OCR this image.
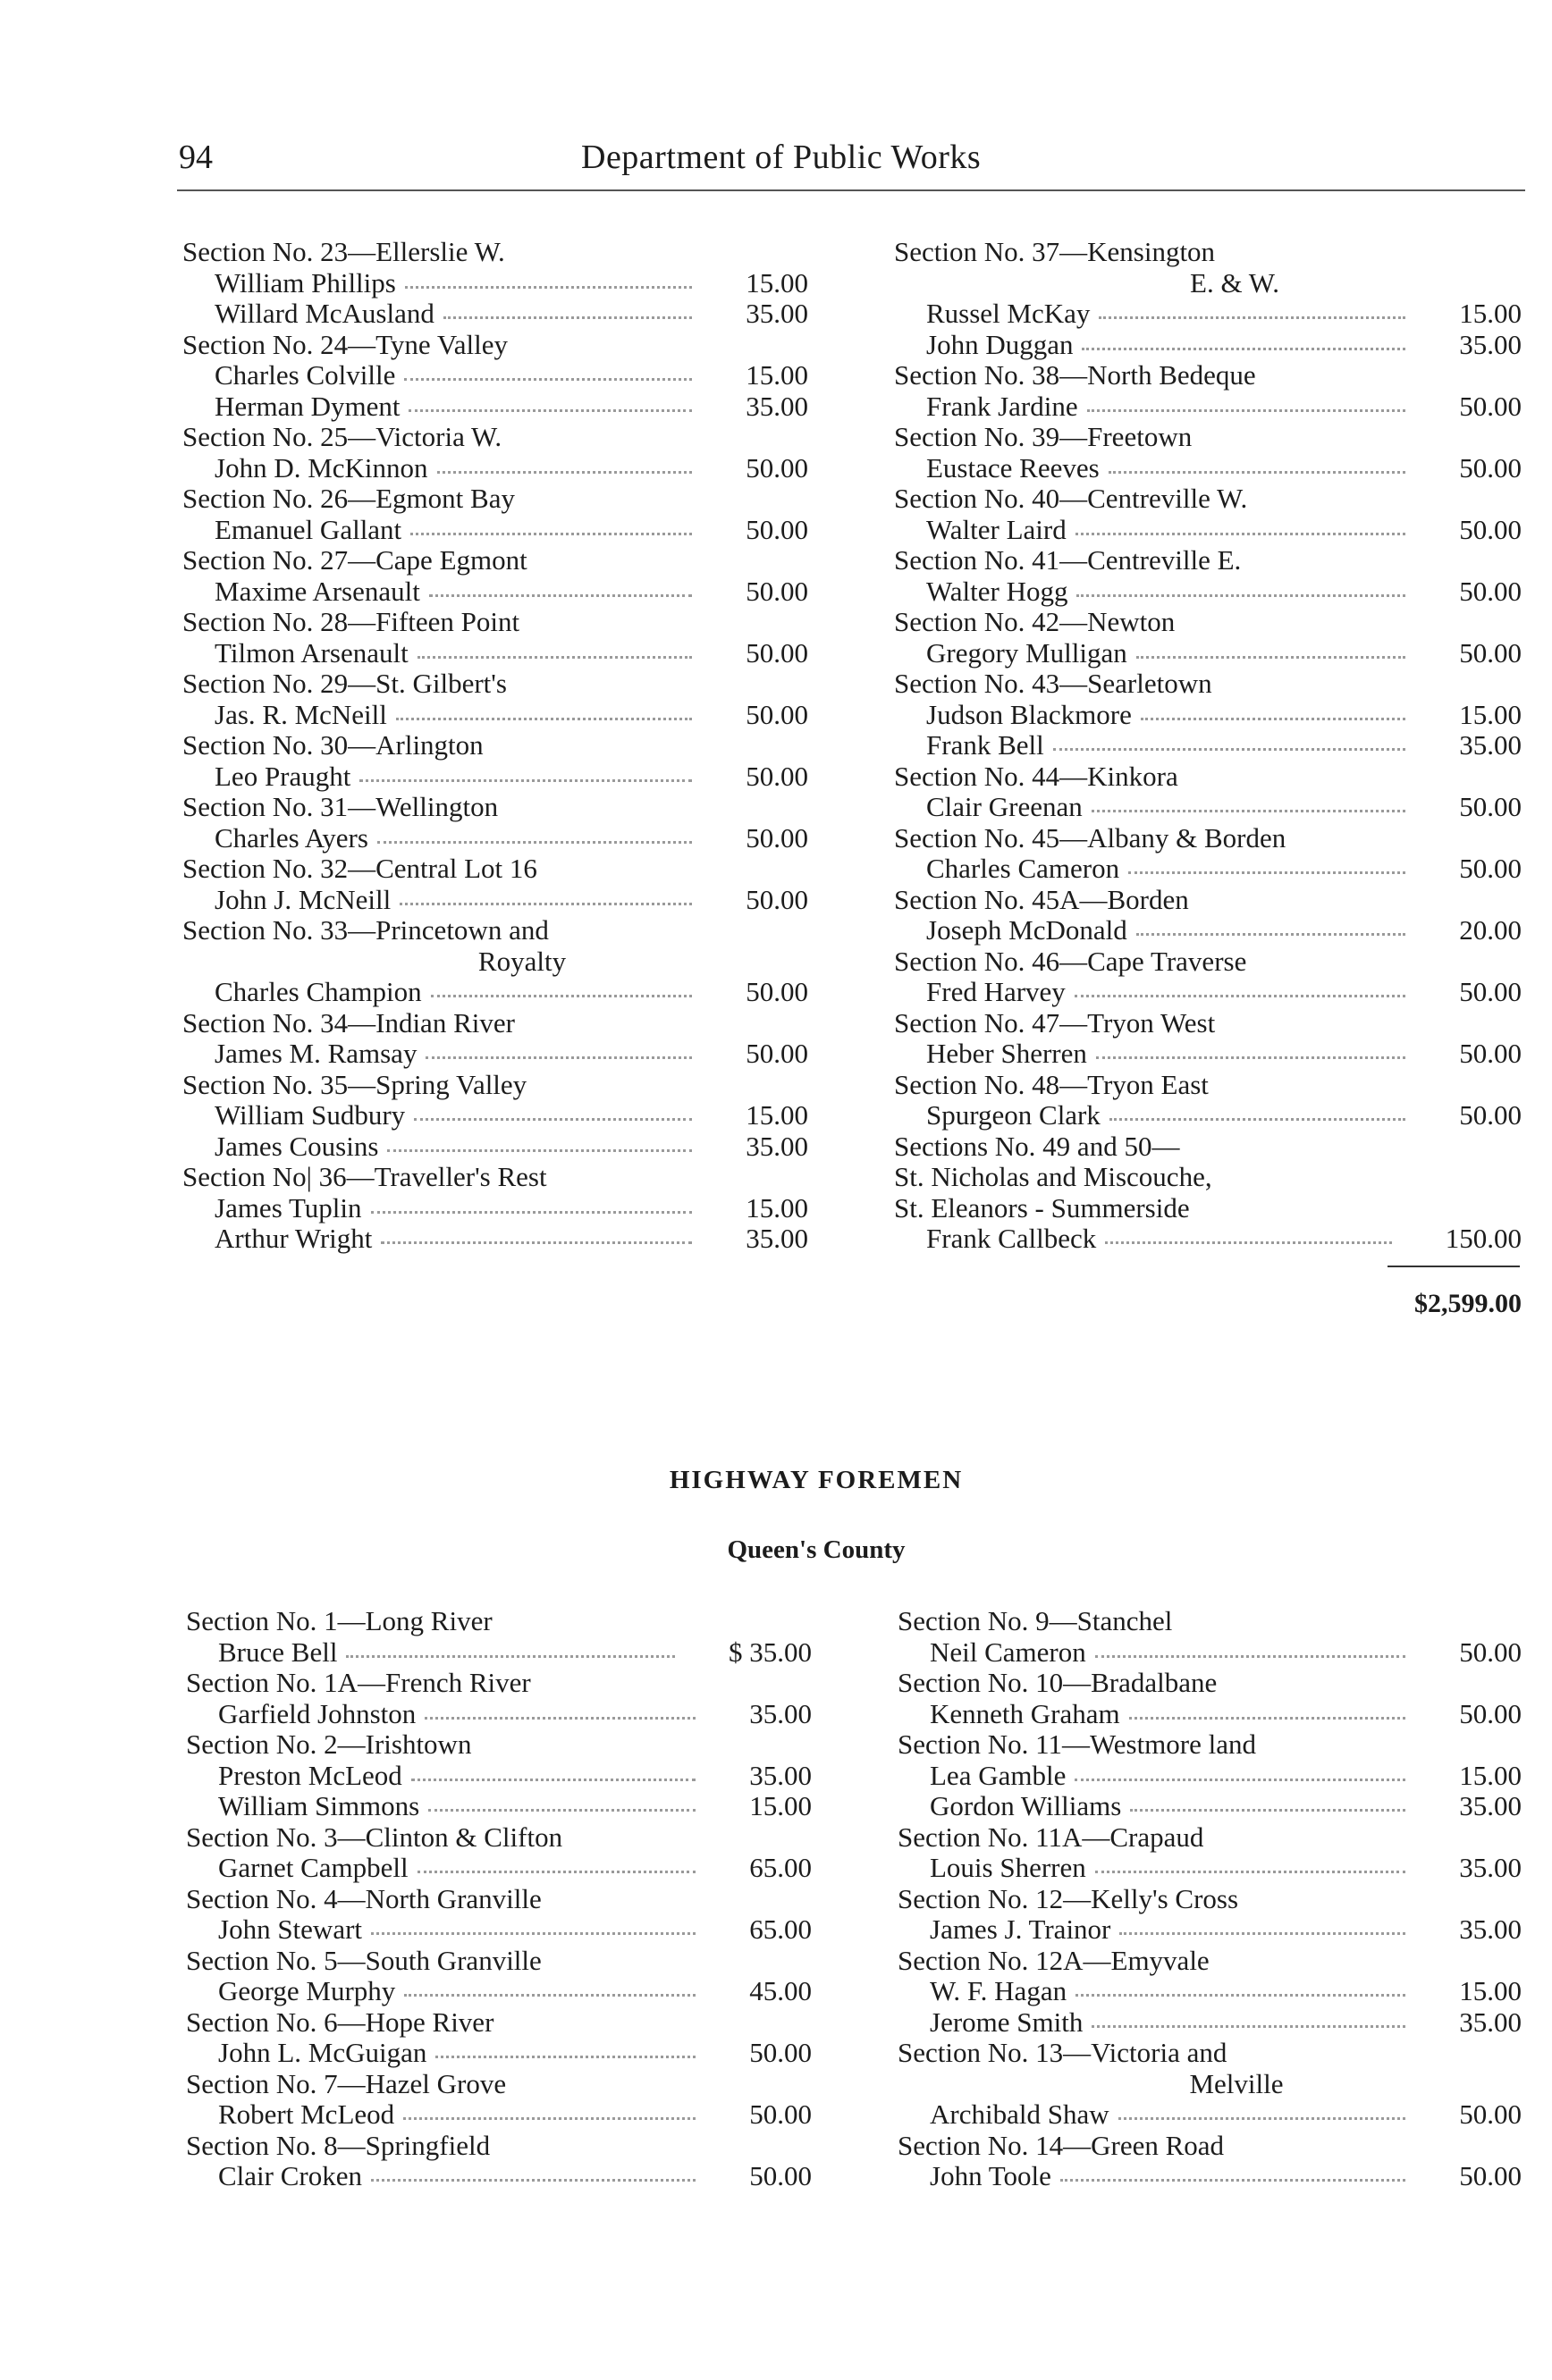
94	Department of Public Works
Section No. 23—Ellerslie W.
William Phillips	15.00
Willard McAusland	35.00
Section No. 24—Tyne Valley
Charles Colville	15.00
Herman Dyment	35.00
Section No. 25—Victoria W.
John D. McKinnon	50.00
Section No. 26—Egmont Bay
Emanuel Gallant	50.00
Section No. 27—Cape Egmont
Maxime Arsenault	50.00
Section No. 28—Fifteen Point
Tilmon Arsenault	50.00
Section No. 29—St. Gilbert's
Jas. R. McNeill	50.00
Section No. 30—Arlington
Leo Praught	50.00
Section No. 31—Wellington
Charles Ayers	50.00
Section No. 32—Central Lot 16
John J. McNeill	50.00
Section No. 33—Princetown and
Royalty
Charles Champion	50.00
Section No. 34—Indian River
James M. Ramsay	50.00
Section No. 35—Spring Valley
William Sudbury	15.00
James Cousins	35.00
Section No| 36—Traveller's Rest
James Tuplin	15.00
Arthur Wright	35.00
Section No. 37—Kensington
E. & W.
Russel McKay	15.00
John Duggan	35.00
Section No. 38—North Bedeque
Frank Jardine	50.00
Section No. 39—Freetown
Eustace Reeves	50.00
Section No. 40—Centreville W.
Walter Laird	50.00
Section No. 41—Centreville E.
Walter Hogg	50.00
Section No. 42—Newton
Gregory Mulligan	50.00
Section No. 43—Searletown
Judson Blackmore	15.00
Frank Bell	35.00
Section No. 44—Kinkora
Clair Greenan	50.00
Section No. 45—Albany & Borden
Charles Cameron	50.00
Section No. 45A—Borden
Joseph McDonald	20.00
Section No. 46—Cape Traverse
Fred Harvey	50.00
Section No. 47—Tryon West
Heber Sherren	50.00
Section No. 48—Tryon East
Spurgeon Clark	50.00
Sections No. 49 and 50—
St. Nicholas and Miscouche,
St. Eleanors - Summerside
Frank Callbeck	150.00
$2,599.00
HIGHWAY FOREMEN
Queen's County
Section No. 1—Long River
Bruce Bell	$ 35.00
Section No. 1A—French River
Garfield Johnston	35.00
Section No. 2—Irishtown
Preston McLeod	35.00
William Simmons	15.00
Section No. 3—Clinton & Clifton
Garnet Campbell	65.00
Section No. 4—North Granville
John Stewart	65.00
Section No. 5—South Granville
George Murphy	45.00
Section No. 6—Hope River
John L. McGuigan	50.00
Section No. 7—Hazel Grove
Robert McLeod	50.00
Section No. 8—Springfield
Clair Croken	50.00
Section No. 9—Stanchel
Neil Cameron	50.00
Section No. 10—Bradalbane
Kenneth Graham	50.00
Section No. 11—Westmore land
Lea Gamble	15.00
Gordon Williams	35.00
Section No. 11A—Crapaud
Louis Sherren	35.00
Section No. 12—Kelly's Cross
James J. Trainor	35.00
Section No. 12A—Emyvale
W. F. Hagan	15.00
Jerome Smith	35.00
Section No. 13—Victoria and
Melville
Archibald Shaw	50.00
Section No. 14—Green Road
John Toole	50.00
